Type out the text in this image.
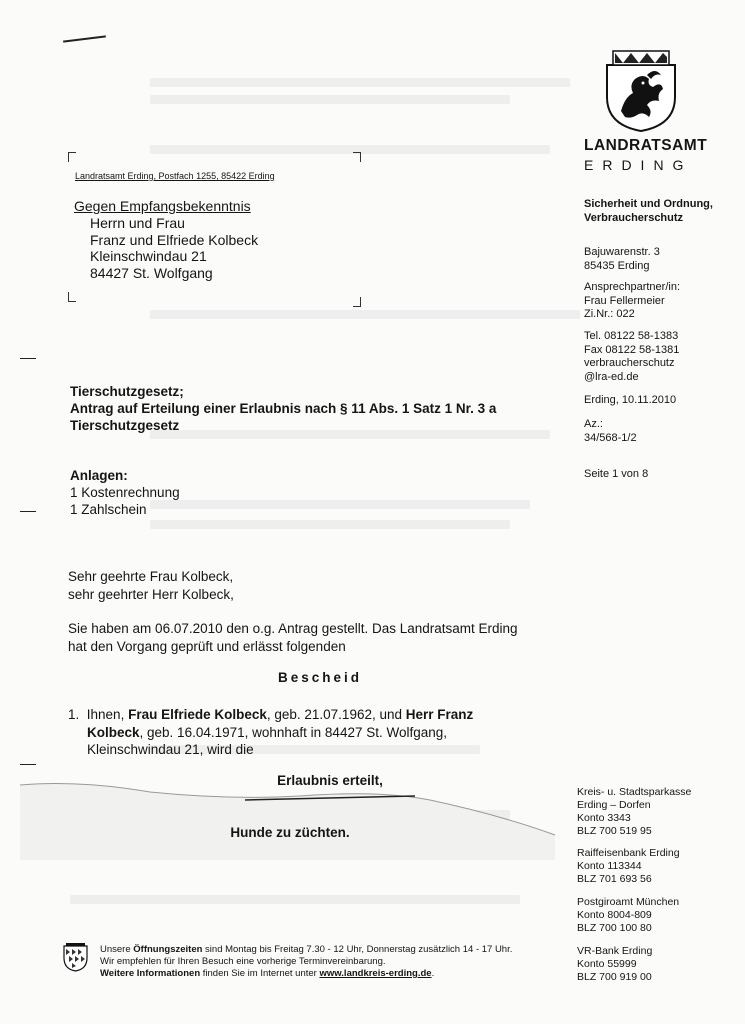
LANDRATSAMT
ERDING
Sicherheit und Ordnung,
Verbraucherschutz
Bajuwarenstr. 3
85435 Erding
Ansprechpartner/in:
Frau Fellermeier
Zi.Nr.: 022
Tel. 08122 58-1383
Fax 08122 58-1381
verbraucherschutz
@lra-ed.de
Erding, 10.11.2010
Az.:
34/568-1/2
Seite 1 von 8
Landratsamt Erding, Postfach 1255, 85422 Erding
Gegen Empfangsbekenntnis
Herrn und Frau
Franz und Elfriede Kolbeck
Kleinschwindau 21
84427 St. Wolfgang
Tierschutzgesetz;
Antrag auf Erteilung einer Erlaubnis nach § 11 Abs. 1 Satz 1 Nr. 3 a
Tierschutzgesetz
Anlagen:
1 Kostenrechnung
1 Zahlschein
Sehr geehrte Frau Kolbeck,
sehr geehrter Herr Kolbeck,
Sie haben am 06.07.2010 den o.g. Antrag gestellt. Das Landratsamt Erding
hat den Vorgang geprüft und erlässt folgenden
Bescheid
1. Ihnen, Frau Elfriede Kolbeck, geb. 21.07.1962, und Herr Franz
Kolbeck, geb. 16.04.1971, wohnhaft in 84427 St. Wolfgang,
Kleinschwindau 21, wird die
Erlaubnis erteilt,
Hunde zu züchten.
Kreis- u. Stadtsparkasse
Erding – Dorfen
Konto 3343
BLZ 700 519 95
Raiffeisenbank Erding
Konto 113344
BLZ 701 693 56
Postgiroamt München
Konto 8004-809
BLZ 700 100 80
VR-Bank Erding
Konto 55999
BLZ 700 919 00
Unsere Öffnungszeiten sind Montag bis Freitag 7.30 - 12 Uhr, Donnerstag zusätzlich 14 - 17 Uhr.
Wir empfehlen für Ihren Besuch eine vorherige Terminvereinbarung.
Weitere Informationen finden Sie im Internet unter www.landkreis-erding.de.
